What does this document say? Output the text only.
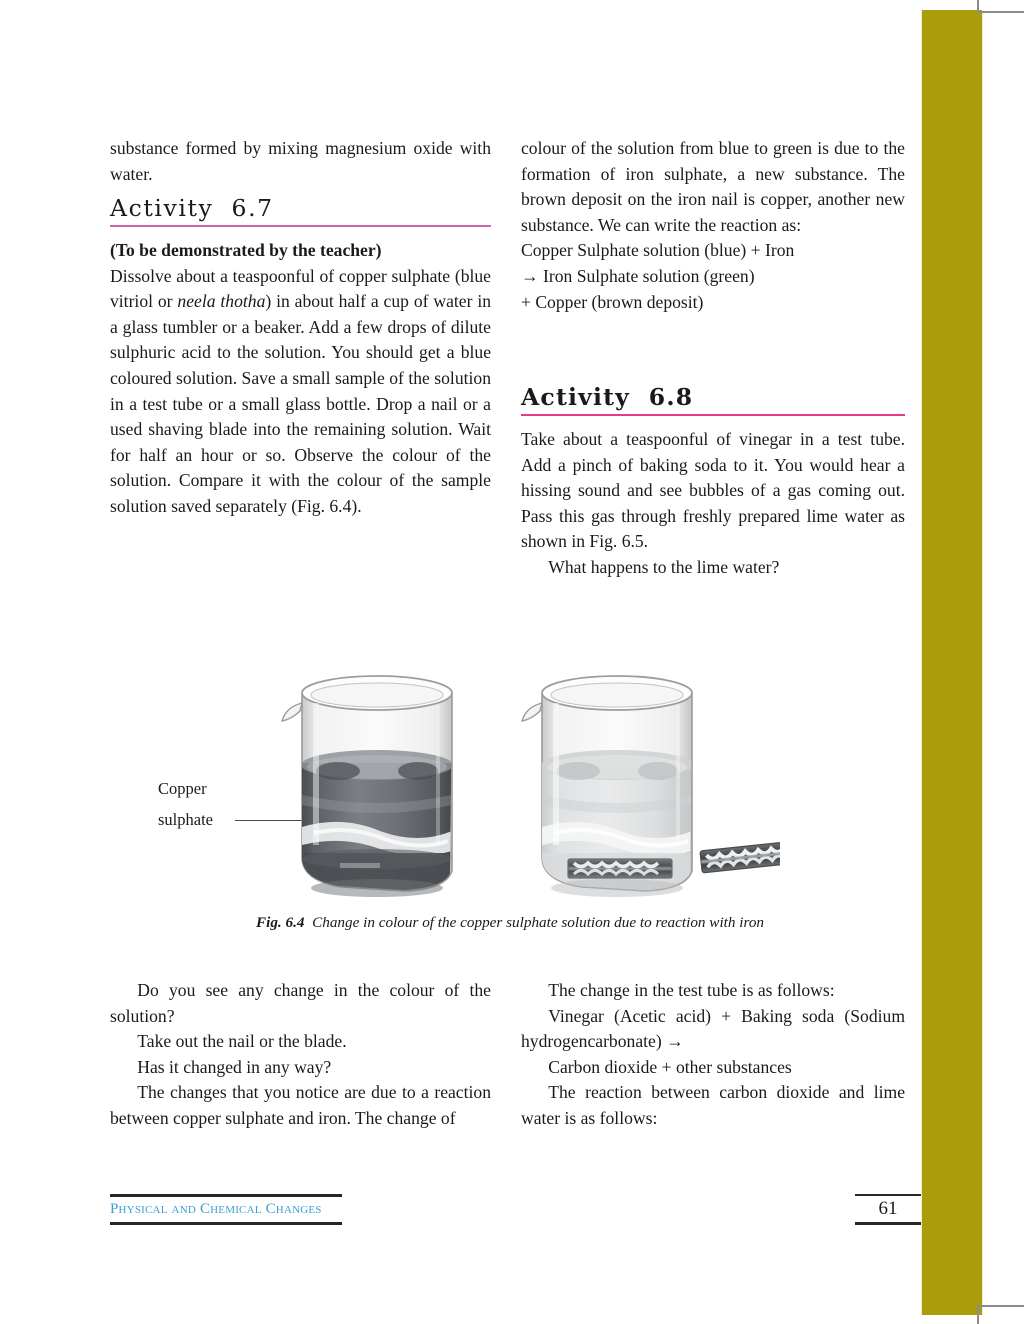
substance formed by mixing magnesium oxide with water.

Activity  6.7

(To be demonstrated by the teacher)

Dissolve about a teaspoonful of copper sulphate (blue vitriol or neela thotha) in about half a cup of water in a glass tumbler or a beaker. Add a few drops of dilute sulphuric acid to the solution. You should get a blue coloured solution. Save a small sample of the solution in a test tube or a small glass bottle. Drop a nail or a used shaving blade into the remaining solution. Wait for half an hour or so. Observe the colour of the solution. Compare it with the colour of the sample solution saved separately (Fig. 6.4).

colour of the solution from blue to green is due to the formation of iron sulphate, a new substance. The brown deposit on the iron nail is copper, another new substance. We can write the reaction as:

Copper Sulphate solution (blue) + Iron

→ Iron Sulphate solution (green)

+ Copper (brown deposit)

Activity  6.8

Take about a teaspoonful of vinegar in a test tube. Add a pinch of baking soda to it. You would hear a hissing sound and see bubbles of a gas coming out. Pass this gas through freshly prepared lime water as shown in Fig. 6.5.

What happens to the lime water?

Copper
sulphate
Fig. 6.4 Change in colour of the copper sulphate solution due to reaction with iron

Do you see any change in the colour of the solution?

Take out the nail or the blade.

Has it changed in any way?

The changes that you notice are due to a reaction between copper sulphate and iron. The change of

The change in the test tube is as follows:

Vinegar (Acetic acid) + Baking soda (Sodium hydrogencarbonate) →

Carbon dioxide + other substances

The reaction between carbon dioxide and lime water is as follows:

Physical and Chemical Changes	61
